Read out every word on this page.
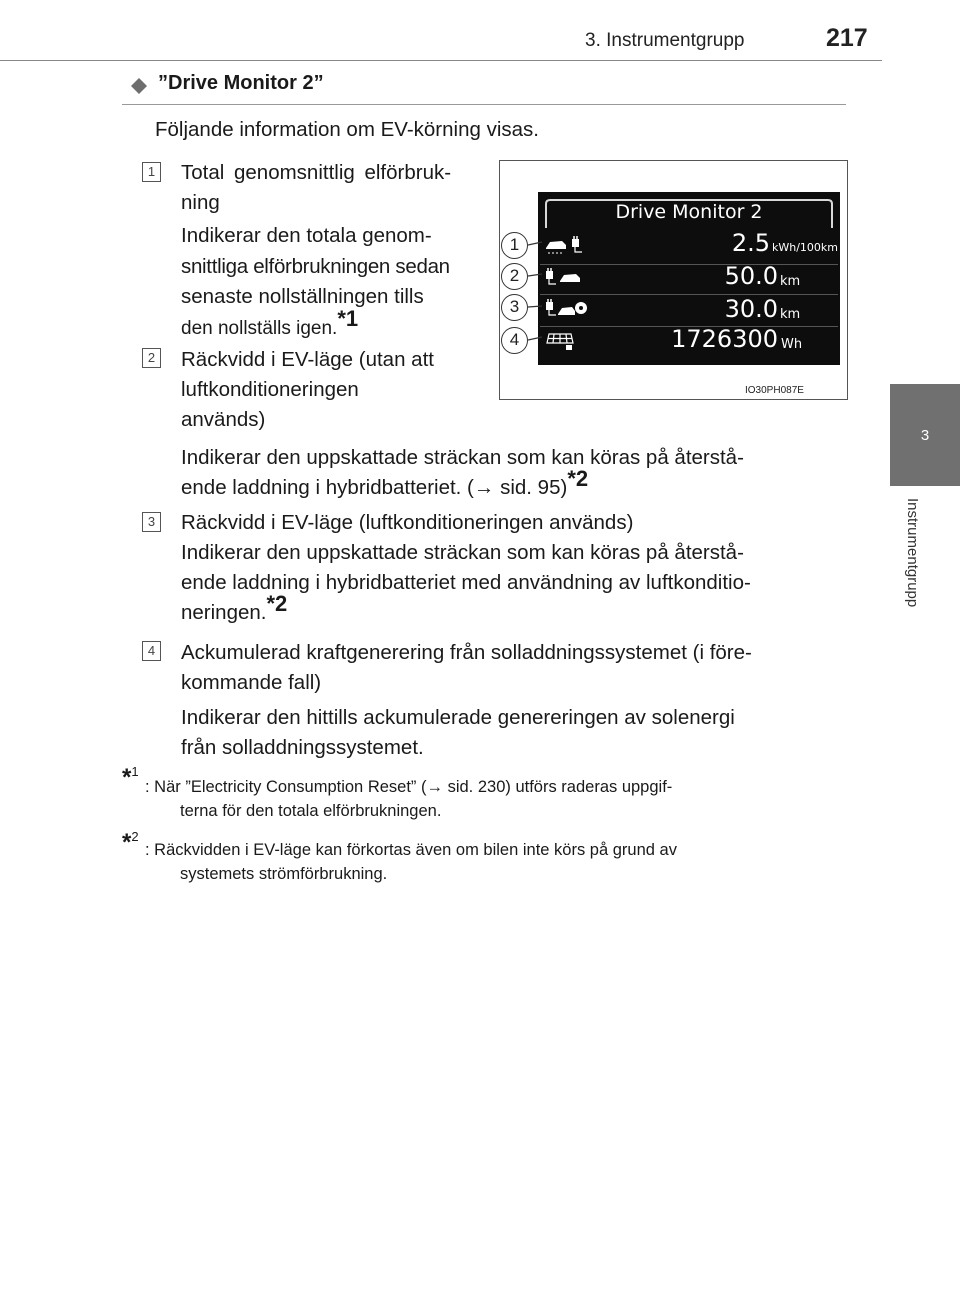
3. Instrumentgrupp	217
3
Instrumentgrupp
”Drive Monitor 2”
Följande information om EV-körning visas.
1 Total genomsnittlig elförbruk-
ning
Indikerar den totala genom-
snittliga elförbrukningen sedan
senaste nollställningen tills
den nollställs igen.$^{*1}$
2 Räckvidd i EV-läge (utan att
luftkonditioneringen
används)
Indikerar den uppskattade sträckan som kan köras på återstå-
ende laddning i hybridbatteriet. (→ sid. 95)$^{*2}$
3 Räckvidd i EV-läge (luftkonditioneringen används)
Indikerar den uppskattade sträckan som kan köras på återstå-
ende laddning i hybridbatteriet med användning av luftkonditio-
neringen.$^{*2}$
4 Ackumulerad kraftgenerering från solladdningssystemet (i före-
kommande fall)
Indikerar den hittills ackumulerade genereringen av solenergi
från solladdningssystemet.
Drive Monitor 2
2.5 kWh/100km
50.0 km
30.0 km
1726300 Wh
1
2
3
4
IO30PH087E
*$^1$
: När ”Electricity Consumption Reset” (→ sid. 230) utförs raderas uppgif-
terna för den totala elförbrukningen.
*$^2$
: Räckvidden i EV-läge kan förkortas även om bilen inte körs på grund av
systemets strömförbrukning.
